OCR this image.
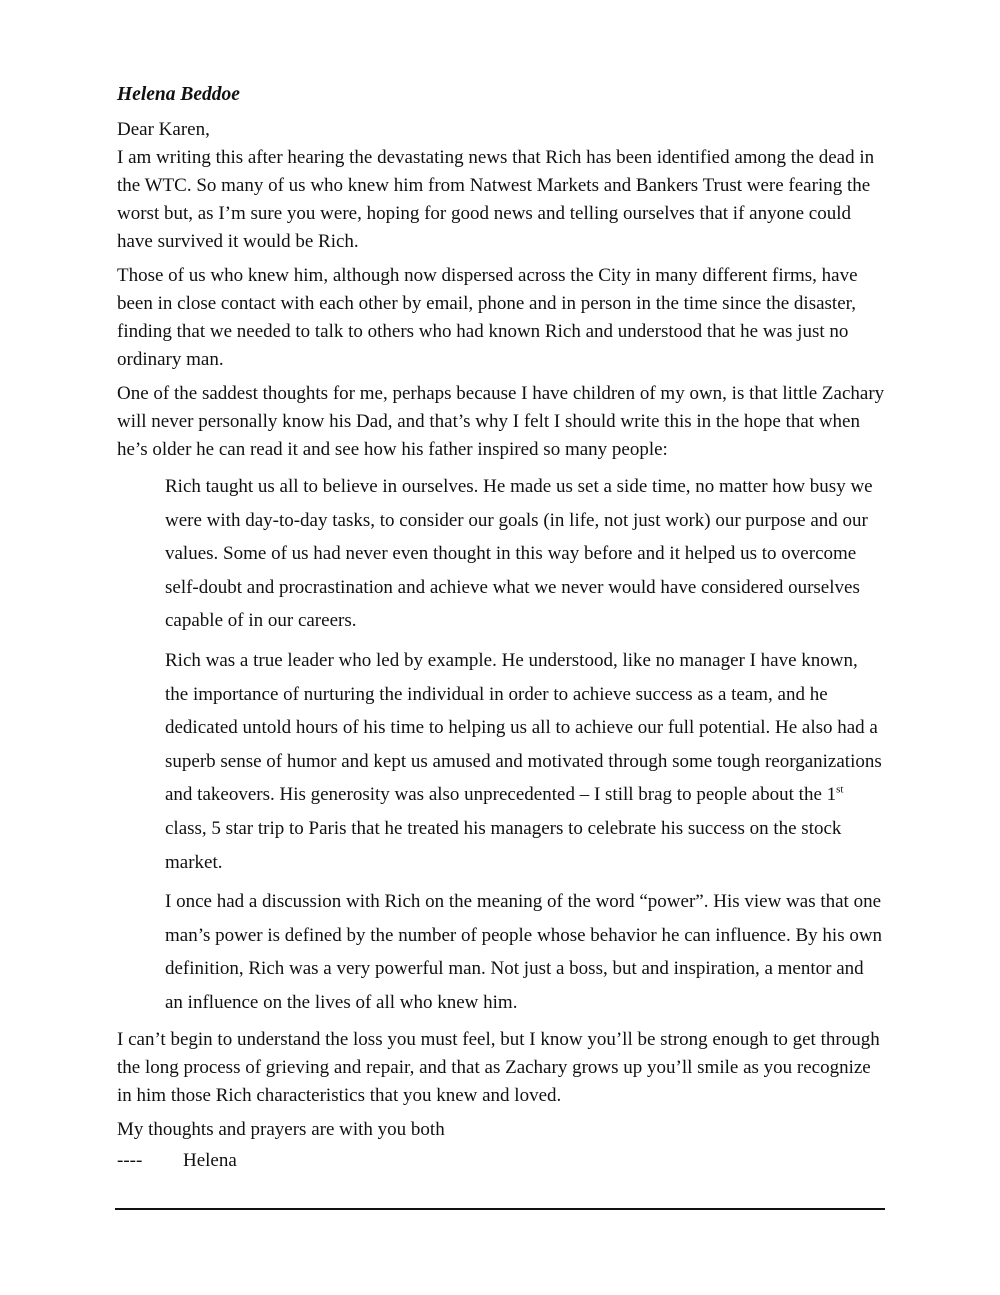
Helena Beddoe

Dear Karen,

I am writing this after hearing the devastating news that Rich has been identified among the dead in the WTC. So many of us who knew him from Natwest Markets and Bankers Trust were fearing the worst but, as I’m sure you were, hoping for good news and telling ourselves that if anyone could have survived it would be Rich.

Those of us who knew him, although now dispersed across the City in many different firms, have been in close contact with each other by email, phone and in person in the time since the disaster, finding that we needed to talk to others who had known Rich and understood that he was just no ordinary man.

One of the saddest thoughts for me, perhaps because I have children of my own, is that little Zachary will never personally know his Dad, and that’s why I felt I should write this in the hope that when he’s older he can read it and see how his father inspired so many people:

Rich taught us all to believe in ourselves. He made us set a side time, no matter how busy we were with day-to-day tasks, to consider our goals (in life, not just work) our purpose and our values. Some of us had never even thought in this way before and it helped us to overcome self-doubt and procrastination and achieve what we never would have considered ourselves capable of in our careers.

Rich was a true leader who led by example. He understood, like no manager I have known, the importance of nurturing the individual in order to achieve success as a team, and he dedicated untold hours of his time to helping us all to achieve our full potential. He also had a superb sense of humor and kept us amused and motivated through some tough reorganizations and takeovers. His generosity was also unprecedented – I still brag to people about the 1st class, 5 star trip to Paris that he treated his managers to celebrate his success on the stock market.

I once had a discussion with Rich on the meaning of the word “power”. His view was that one man’s power is defined by the number of people whose behavior he can influence. By his own definition, Rich was a very powerful man. Not just a boss, but and inspiration, a mentor and an influence on the lives of all who knew him.

I can’t begin to understand the loss you must feel, but I know you’ll be strong enough to get through the long process of grieving and repair, and that as Zachary grows up you’ll smile as you recognize in him those Rich characteristics that you knew and loved.

My thoughts and prayers are with you both

----	Helena
